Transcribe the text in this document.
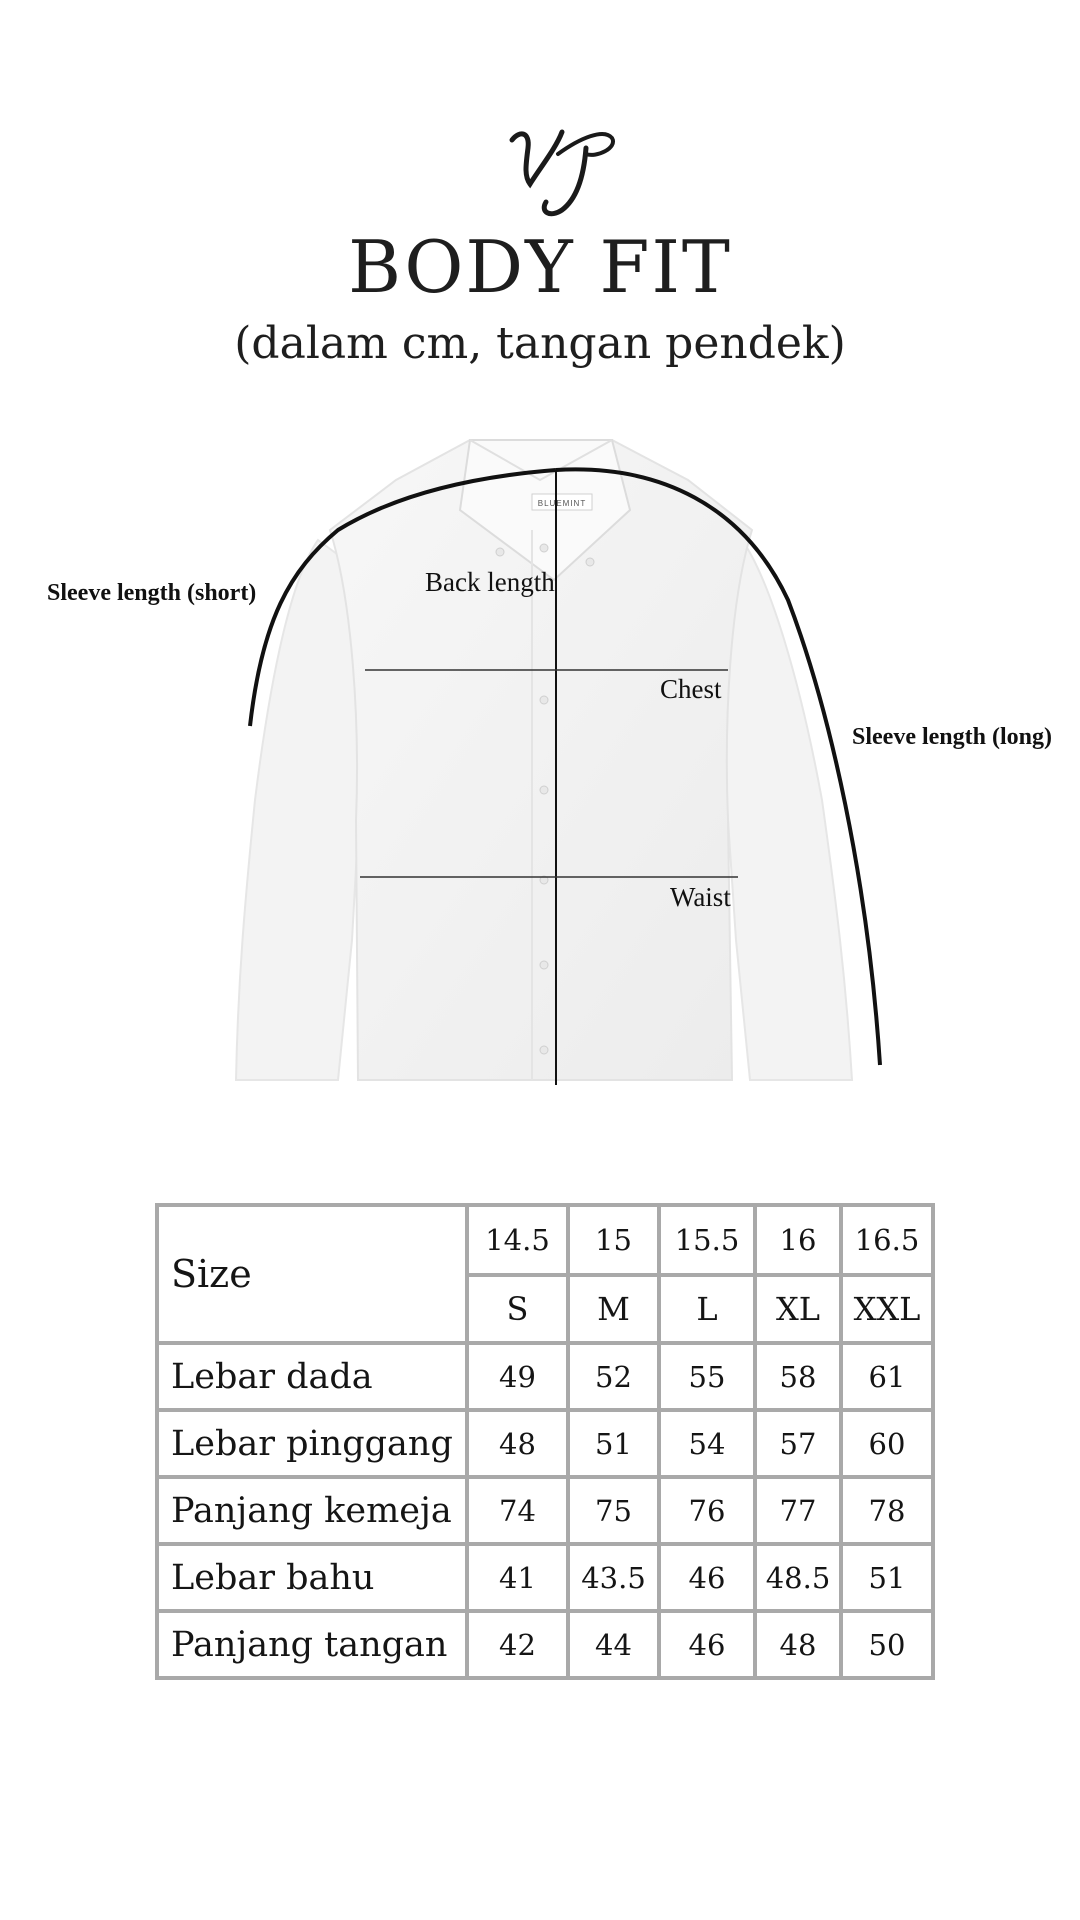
BODY FIT
(dalam cm, tangan pendek)
BLUEMINT
Sleeve length (short)	Back length
Chest
Sleeve length (long)
Waist
Size	14.5	15	15.5	16	16.5
	S	M	L	XL	XXL
Lebar dada	49	52	55	58	61
Lebar pinggang	48	51	54	57	60
Panjang kemeja	74	75	76	77	78
Lebar bahu	41	43.5	46	48.5	51
Panjang tangan	42	44	46	48	50
